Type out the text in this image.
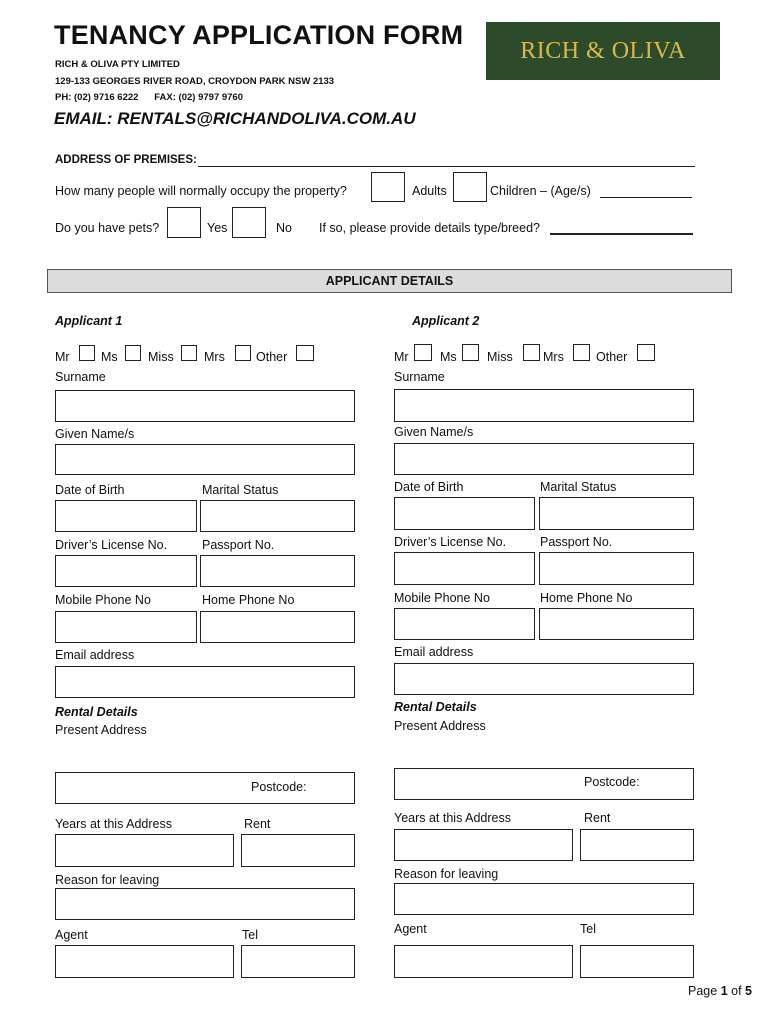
TENANCY APPLICATION FORM
RICH & OLIVA PTY LIMITED
129-133 GEORGES RIVER ROAD, CROYDON PARK NSW 2133
PH: (02) 9716 6222      FAX: (02) 9797 9760
EMAIL: RENTALS@RICHANDOLIVA.COM.AU
RICH & OLIVA
ADDRESS OF PREMISES:
How many people will normally occupy the property?	Adults	Children – (Age/s)
Do you have pets?	Yes	No If so, please provide details type/breed?
APPLICANT DETAILS
Applicant 1
Mr	Ms Miss Mrs Other
Surname
Given Name/s
Date of Birth	Marital Status
Driver’s License No.	Passport No.
Mobile Phone No	Home Phone No
Email address
Rental Details
Present Address
Postcode:
Years at this Address	Rent
Reason for leaving
Agent	Tel
Applicant 2
Mr	Ms Miss Mrs	Other
Surname
Given Name/s
Date of Birth	Marital Status
Driver’s License No.	Passport No.
Mobile Phone No	Home Phone No
Email address
Rental Details
Present Address
Postcode:
Years at this Address	Rent
Reason for leaving
Agent	Tel
Page 1 of 5
